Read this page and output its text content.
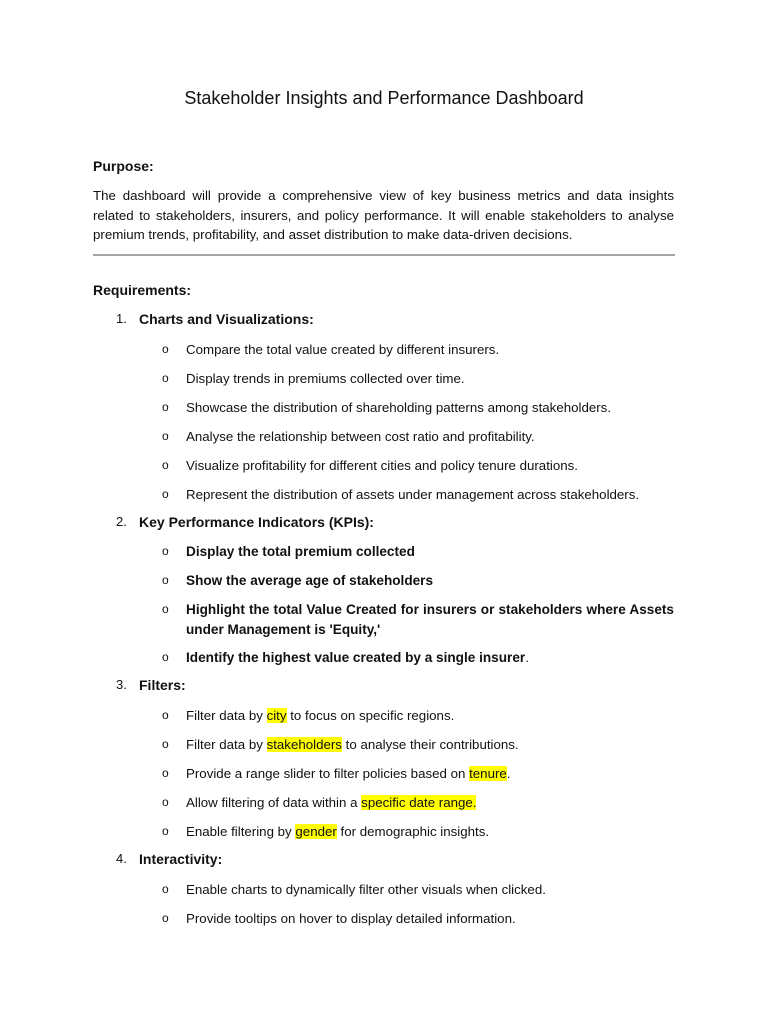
Stakeholder Insights and Performance Dashboard
Purpose:

The dashboard will provide a comprehensive view of key business metrics and data insights related to stakeholders, insurers, and policy performance. It will enable stakeholders to analyse premium trends, profitability, and asset distribution to make data-driven decisions.

Requirements:
1. Charts and Visualizations:
o Compare the total value created by different insurers.
o Display trends in premiums collected over time.
o Showcase the distribution of shareholding patterns among stakeholders.
o Analyse the relationship between cost ratio and profitability.
o Visualize profitability for different cities and policy tenure durations.
o Represent the distribution of assets under management across stakeholders.
2. Key Performance Indicators (KPIs):
o Display the total premium collected
o Show the average age of stakeholders
o Highlight the total Value Created for insurers or stakeholders where Assets under Management is 'Equity,'
o Identify the highest value created by a single insurer.
3. Filters:
o Filter data by city to focus on specific regions.
o Filter data by stakeholders to analyse their contributions.
o Provide a range slider to filter policies based on tenure.
o Allow filtering of data within a specific date range.
o Enable filtering by gender for demographic insights.
4. Interactivity:
o Enable charts to dynamically filter other visuals when clicked.
o Provide tooltips on hover to display detailed information.
